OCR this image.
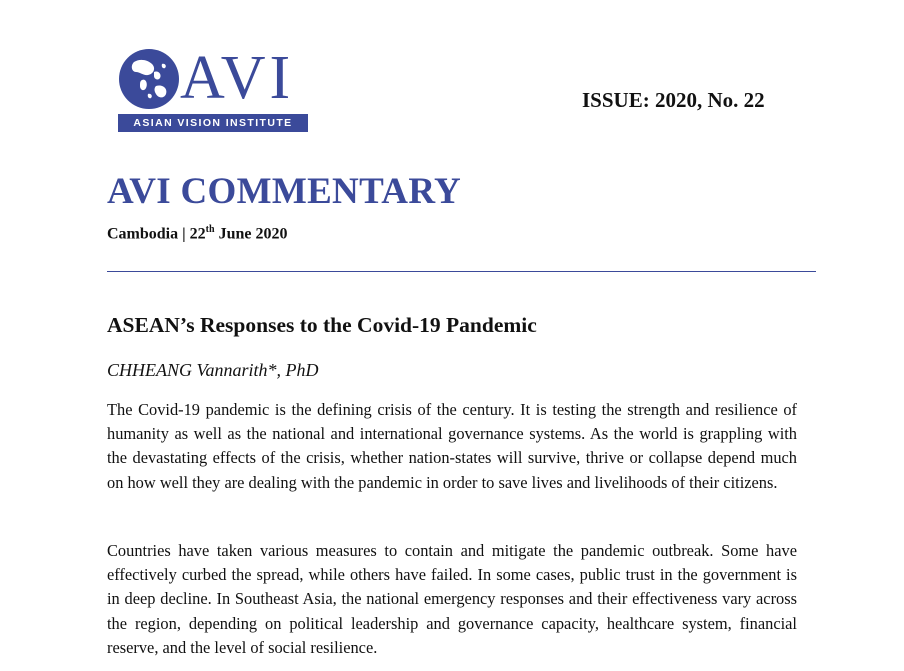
AVI
ASIAN VISION INSTITUTE
ISSUE: 2020, No. 22
AVI COMMENTARY
Cambodia | 22th June 2020
ASEAN’s Responses to the Covid-19 Pandemic
CHHEANG Vannarith*, PhD

The Covid-19 pandemic is the defining crisis of the century. It is testing the strength and resilience of humanity as well as the national and international governance systems. As the world is grappling with the devastating effects of the crisis, whether nation-states will survive, thrive or collapse depend much on how well they are dealing with the pandemic in order to save lives and livelihoods of their citizens.

Countries have taken various measures to contain and mitigate the pandemic outbreak. Some have effectively curbed the spread, while others have failed. In some cases, public trust in the government is in deep decline. In Southeast Asia, the national emergency responses and their effectiveness vary across the region, depending on political leadership and governance capacity, healthcare system, financial reserve, and the level of social resilience.
